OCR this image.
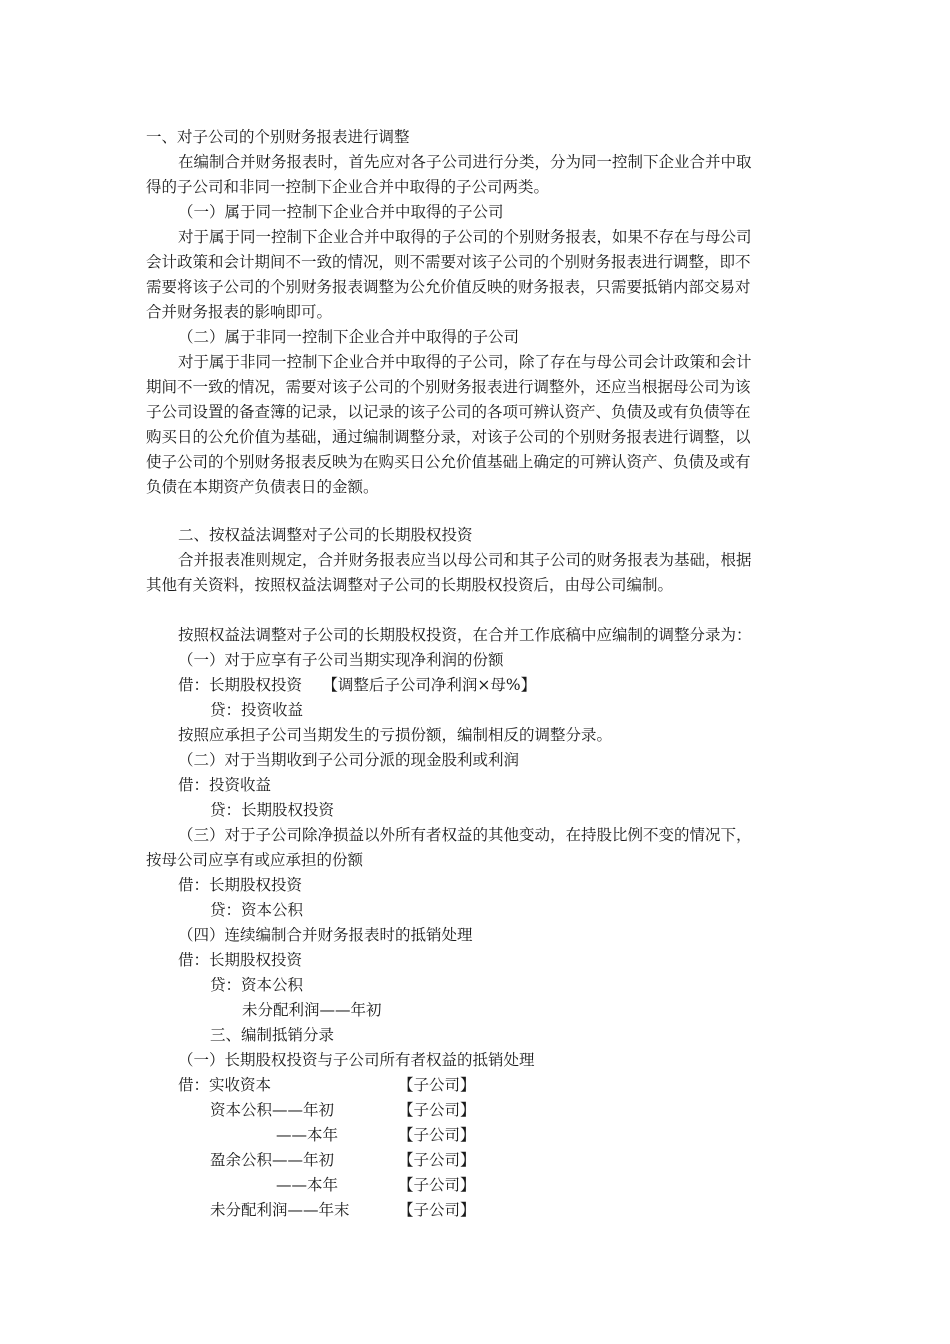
一、对子公司的个别财务报表进行调整
在编制合并财务报表时，首先应对各子公司进行分类，分为同一控制下企业合并中取
得的子公司和非同一控制下企业合并中取得的子公司两类。
（一）属于同一控制下企业合并中取得的子公司
对于属于同一控制下企业合并中取得的子公司的个别财务报表，如果不存在与母公司
会计政策和会计期间不一致的情况，则不需要对该子公司的个别财务报表进行调整，即不
需要将该子公司的个别财务报表调整为公允价值反映的财务报表，只需要抵销内部交易对
合并财务报表的影响即可。
（二）属于非同一控制下企业合并中取得的子公司
对于属于非同一控制下企业合并中取得的子公司，除了存在与母公司会计政策和会计
期间不一致的情况，需要对该子公司的个别财务报表进行调整外，还应当根据母公司为该
子公司设置的备查簿的记录，以记录的该子公司的各项可辨认资产、负债及或有负债等在
购买日的公允价值为基础，通过编制调整分录，对该子公司的个别财务报表进行调整，以
使子公司的个别财务报表反映为在购买日公允价值基础上确定的可辨认资产、负债及或有
负债在本期资产负债表日的金额。
二、按权益法调整对子公司的长期股权投资
合并报表准则规定，合并财务报表应当以母公司和其子公司的财务报表为基础，根据
其他有关资料，按照权益法调整对子公司的长期股权投资后，由母公司编制。
按照权益法调整对子公司的长期股权投资，在合并工作底稿中应编制的调整分录为：
（一）对于应享有子公司当期实现净利润的份额
借：长期股权投资　 【调整后子公司净利润×母%】
贷：投资收益
按照应承担子公司当期发生的亏损份额，编制相反的调整分录。
（二）对于当期收到子公司分派的现金股利或利润
借：投资收益
贷：长期股权投资
（三）对于子公司除净损益以外所有者权益的其他变动，在持股比例不变的情况下，
按母公司应享有或应承担的份额
借：长期股权投资
贷：资本公积
（四）连续编制合并财务报表时的抵销处理
借：长期股权投资
贷：资本公积
未分配利润——年初
三、编制抵销分录
（一）长期股权投资与子公司所有者权益的抵销处理
借：实收资本	【子公司】
资本公积——年初	【子公司】
——本年	【子公司】
盈余公积——年初	【子公司】
——本年	【子公司】
未分配利润——年末	【子公司】
